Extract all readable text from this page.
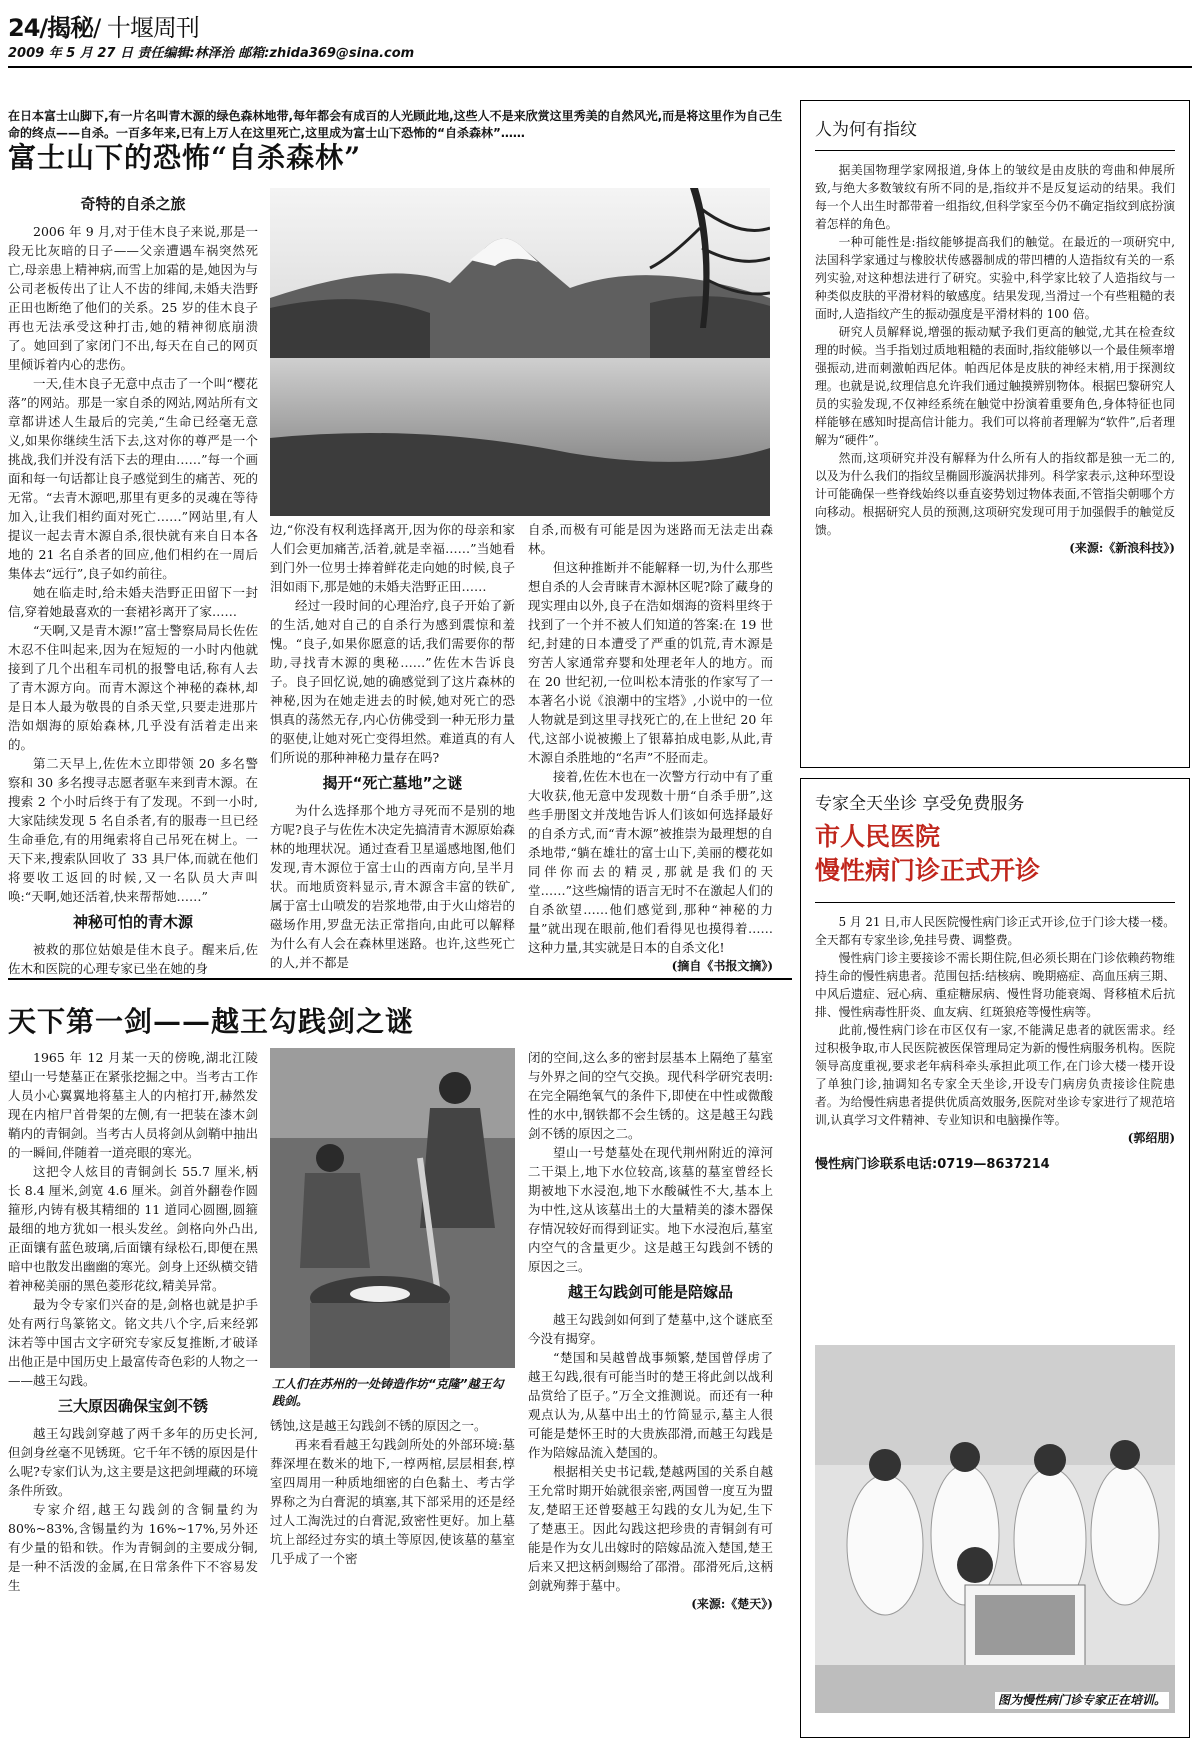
24/揭秘/ 十堰周刊
2009 年 5 月 27 日 责任编辑:林泽治 邮箱:zhida369@sina.com
在日本富士山脚下,有一片名叫青木源的绿色森林地带,每年都会有成百的人光顾此地,这些人不是来欣赏这里秀美的自然风光,而是将这里作为自己生命的终点——自杀。一百多年来,已有上万人在这里死亡,这里成为富士山下恐怖的“自杀森林”……
富士山下的恐怖“自杀森林”
奇特的自杀之旅

2006 年 9 月,对于佳木良子来说,那是一段无比灰暗的日子——父亲遭遇车祸突然死亡,母亲患上精神病,而雪上加霜的是,她因为与公司老板传出了让人不齿的绯闻,未婚夫浩野正田也断绝了他们的关系。25 岁的佳木良子再也无法承受这种打击,她的精神彻底崩溃了。她回到了家闭门不出,每天在自己的网页里倾诉着内心的悲伤。

一天,佳木良子无意中点击了一个叫“樱花落”的网站。那是一家自杀的网站,网站所有文章都讲述人生最后的完美,“生命已经毫无意义,如果你继续生活下去,这对你的尊严是一个挑战,我们并没有活下去的理由……”每一个画面和每一句话都让良子感觉到生的痛苦、死的无常。“去青木源吧,那里有更多的灵魂在等待加入,让我们相约面对死亡……”网站里,有人提议一起去青木源自杀,很快就有来自日本各地的 21 名自杀者的回应,他们相约在一周后集体去“远行”,良子如约前往。

她在临走时,给未婚夫浩野正田留下一封信,穿着她最喜欢的一套裙衫离开了家……

“天啊,又是青木源!”富士警察局局长佐佐木忍不住叫起来,因为在短短的一小时内他就接到了几个出租车司机的报警电话,称有人去了青木源方向。而青木源这个神秘的森林,却是日本人最为敬畏的自杀天堂,只要走进那片浩如烟海的原始森林,几乎没有活着走出来的。

第二天早上,佐佐木立即带领 20 多名警察和 30 多名搜寻志愿者驱车来到青木源。在搜索 2 个小时后终于有了发现。不到一小时,大家陆续发现 5 名自杀者,有的服毒一旦已经生命垂危,有的用绳索将自己吊死在树上。一天下来,搜索队回收了 33 具尸体,而就在他们将要收工返回的时候,又一名队员大声叫唤:“天啊,她还活着,快来帮帮她……”

神秘可怕的青木源

被救的那位姑娘是佳木良子。醒来后,佐佐木和医院的心理专家已坐在她的身

边,“你没有权利选择离开,因为你的母亲和家人们会更加痛苦,活着,就是幸福……”当她看到门外一位男士捧着鲜花走向她的时候,良子泪如雨下,那是她的未婚夫浩野正田……

经过一段时间的心理治疗,良子开始了新的生活,她对自己的自杀行为感到震惊和羞愧。“良子,如果你愿意的话,我们需要你的帮助,寻找青木源的奥秘……”佐佐木告诉良子。良子回忆说,她的确感觉到了这片森林的神秘,因为在她走进去的时候,她对死亡的恐惧真的荡然无存,内心仿佛受到一种无形力量的驱使,让她对死亡变得坦然。难道真的有人们所说的那种神秘力量存在吗?

揭开“死亡墓地”之谜

为什么选择那个地方寻死而不是别的地方呢?良子与佐佐木决定先搞清青木源原始森林的地理状况。通过查看卫星遥感地图,他们发现,青木源位于富士山的西南方向,呈半月状。而地质资料显示,青木源含丰富的铁矿,属于富士山喷发的岩浆地带,由于火山熔岩的磁场作用,罗盘无法正常指向,由此可以解释为什么有人会在森林里迷路。也许,这些死亡的人,并不都是

自杀,而极有可能是因为迷路而无法走出森林。

但这种推断并不能解释一切,为什么那些想自杀的人会青睐青木源林区呢?除了藏身的现实理由以外,良子在浩如烟海的资料里终于找到了一个并不被人们知道的答案:在 19 世纪,封建的日本遭受了严重的饥荒,青木源是穷苦人家通常弃婴和处理老年人的地方。而在 20 世纪初,一位叫松本清张的作家写了一本著名小说《浪潮中的宝塔》,小说中的一位人物就是到这里寻找死亡的,在上世纪 20 年代,这部小说被搬上了银幕拍成电影,从此,青木源自杀胜地的“名声”不胫而走。

接着,佐佐木也在一次警方行动中有了重大收获,他无意中发现数十册“自杀手册”,这些手册图文并茂地告诉人们该如何选择最好的自杀方式,而“青木源”被推崇为最理想的自杀地带,“躺在雄壮的富士山下,美丽的樱花如同伴你而去的精灵,那就是我们的天堂……”这些煽情的语言无时不在激起人们的自杀欲望……他们感觉到,那种“神秘的力量”就出现在眼前,他们看得见也摸得着……这种力量,其实就是日本的自杀文化!

(摘自《书报文摘》)

人为何有指纹

据美国物理学家网报道,身体上的皱纹是由皮肤的弯曲和伸展所致,与绝大多数皱纹有所不同的是,指纹并不是反复运动的结果。我们每一个人出生时都带着一组指纹,但科学家至今仍不确定指纹到底扮演着怎样的角色。

一种可能性是:指纹能够提高我们的触觉。在最近的一项研究中,法国科学家通过与橡胶状传感器制成的带凹槽的人造指纹有关的一系列实验,对这种想法进行了研究。实验中,科学家比较了人造指纹与一种类似皮肤的平滑材料的敏感度。结果发现,当滑过一个有些粗糙的表面时,人造指纹产生的振动强度是平滑材料的 100 倍。

研究人员解释说,增强的振动赋予我们更高的触觉,尤其在检查纹理的时候。当手指划过质地粗糙的表面时,指纹能够以一个最佳频率增强振动,进而刺激帕西尼体。帕西尼体是皮肤的神经末梢,用于探测纹理。也就是说,纹理信息允许我们通过触摸辨别物体。根据巴黎研究人员的实验发现,不仅神经系统在触觉中扮演着重要角色,身体特征也同样能够在感知时提高信计能力。我们可以将前者理解为“软件”,后者理解为“硬件”。

然而,这项研究并没有解释为什么所有人的指纹都是独一无二的,以及为什么我们的指纹呈椭圆形漩涡状排列。科学家表示,这种环型设计可能确保一些脊线始终以垂直姿势划过物体表面,不管指尖朝哪个方向移动。根据研究人员的预测,这项研究发现可用于加强假手的触觉反馈。

(来源:《新浪科技》)

专家全天坐诊 享受免费服务
市人民医院
慢性病门诊正式开诊

5 月 21 日,市人民医院慢性病门诊正式开诊,位于门诊大楼一楼。全天都有专家坐诊,免挂号费、调整费。

慢性病门诊主要接诊不需长期住院,但必须长期在门诊依赖药物维持生命的慢性病患者。范围包括:结核病、晚期癌症、高血压病三期、中风后遗症、冠心病、重症糖尿病、慢性肾功能衰竭、肾移植术后抗排、慢性病毒性肝炎、血友病、红斑狼疮等慢性病等。

此前,慢性病门诊在市区仅有一家,不能满足患者的就医需求。经过积极争取,市人民医院被医保管理局定为新的慢性病服务机构。医院领导高度重视,要求老年病科牵头承担此项工作,在门诊大楼一楼开设了单独门诊,抽调知名专家全天坐诊,开设专门病房负责接诊住院患者。为给慢性病患者提供优质高效服务,医院对坐诊专家进行了规范培训,认真学习文件精神、专业知识和电脑操作等。

(郭绍朋)

慢性病门诊联系电话:0719—8637214
图为慢性病门诊专家正在培训。
天下第一剑——越王勾践剑之谜

1965 年 12 月某一天的傍晚,湖北江陵望山一号楚墓正在紧张挖掘之中。当考古工作人员小心翼翼地将墓主人的内棺打开,赫然发现在内棺尸首骨架的左侧,有一把装在漆木剑鞘内的青铜剑。当考古人员将剑从剑鞘中抽出的一瞬间,伴随着一道亮眼的寒光。

这把令人炫目的青铜剑长 55.7 厘米,柄长 8.4 厘米,剑宽 4.6 厘米。剑首外翻卷作圆箍形,内铸有极其精细的 11 道同心圆圈,圆箍最细的地方犹如一根头发丝。剑格向外凸出,正面镶有蓝色玻璃,后面镶有绿松石,即便在黑暗中也散发出幽幽的寒光。剑身上还纵横交错着神秘美丽的黑色菱形花纹,精美异常。

最为令专家们兴奋的是,剑格也就是护手处有两行鸟篆铭文。铭文共八个字,后来经郭沫若等中国古文字研究专家反复推断,才破译出他正是中国历史上最富传奇色彩的人物之一——越王勾践。

三大原因确保宝剑不锈

越王勾践剑穿越了两千多年的历史长河,但剑身丝毫不见锈斑。它千年不锈的原因是什么呢?专家们认为,这主要是这把剑埋藏的环境条件所致。

专家介绍,越王勾践剑的含铜量约为 80%~83%,含锡量约为 16%~17%,另外还有少量的铅和铁。作为青铜剑的主要成分铜,是一种不活泼的金属,在日常条件下不容易发生

工人们在苏州的一处铸造作坊“克隆”越王勾践剑。

锈蚀,这是越王勾践剑不锈的原因之一。

再来看看越王勾践剑所处的外部环境:墓葬深埋在数米的地下,一椁两棺,层层相套,椁室四周用一种质地细密的白色黏土、考古学界称之为白膏泥的填塞,其下部采用的还是经过人工淘洗过的白膏泥,致密性更好。加上墓坑上部经过夯实的填土等原因,使该墓的墓室几乎成了一个密

闭的空间,这么多的密封层基本上隔绝了墓室与外界之间的空气交换。现代科学研究表明:在完全隔绝氧气的条件下,即使在中性或微酸性的水中,钢铁都不会生锈的。这是越王勾践剑不锈的原因之二。

望山一号楚墓处在现代荆州附近的漳河二干渠上,地下水位较高,该墓的墓室曾经长期被地下水浸泡,地下水酸碱性不大,基本上为中性,这从该墓出土的大量精美的漆木器保存情况较好而得到证实。地下水浸泡后,墓室内空气的含量更少。这是越王勾践剑不锈的原因之三。

越王勾践剑可能是陪嫁品

越王勾践剑如何到了楚墓中,这个谜底至今没有揭穿。

“楚国和吴越曾战事频繁,楚国曾俘虏了越王勾践,很有可能当时的楚王将此剑以战利品赏给了臣子。”万全文推测说。而还有一种观点认为,从墓中出土的竹简显示,墓主人很可能是楚怀王时的大贵族邵滑,而越王勾践是作为陪嫁品流入楚国的。

根据相关史书记载,楚越两国的关系自越王允常时期开始就很亲密,两国曾一度互为盟友,楚昭王还曾娶越王勾践的女儿为妃,生下了楚惠王。因此勾践这把珍贵的青铜剑有可能是作为女儿出嫁时的陪嫁品流入楚国,楚王后来又把这柄剑赐给了邵滑。邵滑死后,这柄剑就殉葬于墓中。

(来源:《楚天》)
